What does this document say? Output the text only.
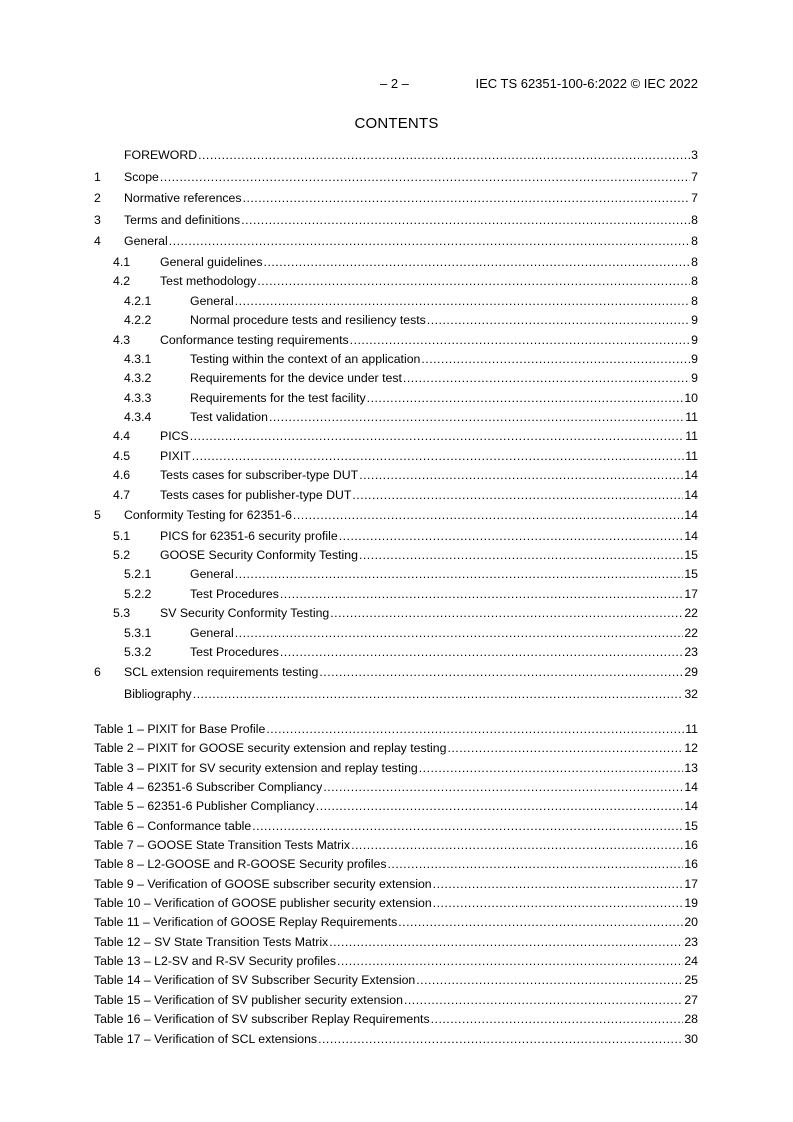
– 2 –	IEC TS 62351-100-6:2022 © IEC 2022
CONTENTS
FOREWORD .....	3
1	Scope .....	7
2	Normative references .....	7
3	Terms and definitions .....	8
4	General .....	8
4.1	General guidelines .....	8
4.2	Test methodology .....	8
4.2.1	General .....	8
4.2.2	Normal procedure tests and resiliency tests .....	9
4.3	Conformance testing requirements .....	9
4.3.1	Testing within the context of an application .....	9
4.3.2	Requirements for the device under test .....	9
4.3.3	Requirements for the test facility .....	10
4.3.4	Test validation .....	11
4.4	PICS .....	11
4.5	PIXIT .....	11
4.6	Tests cases for subscriber-type DUT .....	14
4.7	Tests cases for publisher-type DUT .....	14
5	Conformity Testing for 62351-6 .....	14
5.1	PICS for 62351-6 security profile .....	14
5.2	GOOSE Security Conformity Testing .....	15
5.2.1	General .....	15
5.2.2	Test Procedures .....	17
5.3	SV Security Conformity Testing .....	22
5.3.1	General .....	22
5.3.2	Test Procedures .....	23
6	SCL extension requirements testing .....	29
Bibliography .....	32
Table 1 – PIXIT for Base Profile .....	11
Table 2 – PIXIT for GOOSE security extension and replay testing .....	12
Table 3 – PIXIT for SV security extension and replay testing .....	13
Table 4 – 62351-6 Subscriber Compliancy .....	14
Table 5 – 62351-6 Publisher Compliancy .....	14
Table 6 – Conformance table .....	15
Table 7 – GOOSE State Transition Tests Matrix .....	16
Table 8 – L2-GOOSE and R-GOOSE Security profiles .....	16
Table 9 – Verification of GOOSE subscriber security extension .....	17
Table 10 – Verification of GOOSE publisher security extension .....	19
Table 11 – Verification of GOOSE Replay Requirements .....	20
Table 12 – SV State Transition Tests Matrix .....	23
Table 13 – L2-SV and R-SV Security profiles .....	24
Table 14 – Verification of SV Subscriber Security Extension .....	25
Table 15 – Verification of SV publisher security extension .....	27
Table 16 – Verification of SV subscriber Replay Requirements .....	28
Table 17 – Verification of SCL extensions .....	30
